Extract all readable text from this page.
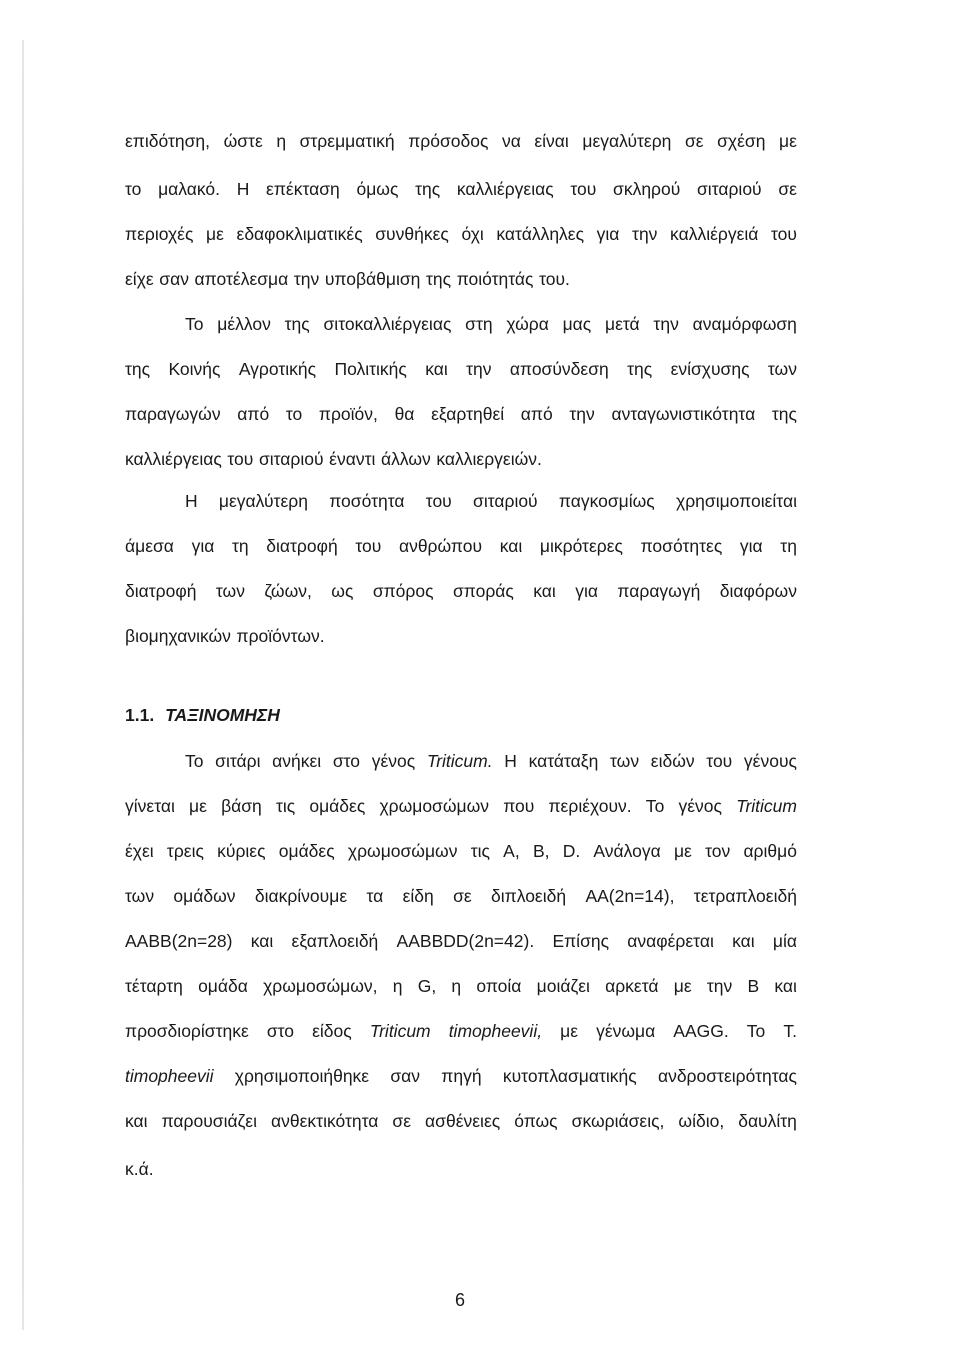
επιδότηση, ώστε η στρεμματική πρόσοδος να είναι μεγαλύτερη σε σχέση με
το μαλακό. Η επέκταση όμως της καλλιέργειας του σκληρού σιταριού σε
περιοχές με εδαφοκλιματικές συνθήκες όχι κατάλληλες για την καλλιέργειά του
είχε σαν αποτέλεσμα την υποβάθμιση της ποιότητάς του.
Το μέλλον της σιτοκαλλιέργειας στη χώρα μας μετά την αναμόρφωση
της Κοινής Αγροτικής Πολιτικής και την αποσύνδεση της ενίσχυσης των
παραγωγών από το προϊόν, θα εξαρτηθεί από την ανταγωνιστικότητα της
καλλιέργειας του σιταριού έναντι άλλων καλλιεργειών.
Η μεγαλύτερη ποσότητα του σιταριού παγκοσμίως χρησιμοποιείται
άμεσα για τη διατροφή του ανθρώπου και μικρότερες ποσότητες για τη
διατροφή των ζώων, ως σπόρος σποράς και για παραγωγή διαφόρων
βιομηχανικών προϊόντων.
Το σιτάρι ανήκει στο γένος Triticum. Η κατάταξη των ειδών του γένους
γίνεται με βάση τις ομάδες χρωμοσώμων που περιέχουν. Το γένος Triticum
έχει τρεις κύριες ομάδες χρωμοσώμων τις Α, Β, D. Ανάλογα με τον αριθμό
των ομάδων διακρίνουμε τα είδη σε διπλοειδή ΑΑ(2n=14), τετραπλοειδή
AABB(2n=28) και εξαπλοειδή AABBDD(2n=42). Επίσης αναφέρεται και μία
τέταρτη ομάδα χρωμοσώμων, η G, η οποία μοιάζει αρκετά με την Β και
προσδιορίστηκε στο είδος Triticum timopheevii, με γένωμα AAGG. Το Τ.
timopheevii χρησιμοποιήθηκε σαν πηγή κυτοπλασματικής ανδροστειρότητας
και παρουσιάζει ανθεκτικότητα σε ασθένειες όπως σκωριάσεις, ωίδιο, δαυλίτη
κ.ά.
1.1. ΤΑΞΙΝΟΜΗΣΗ
6
